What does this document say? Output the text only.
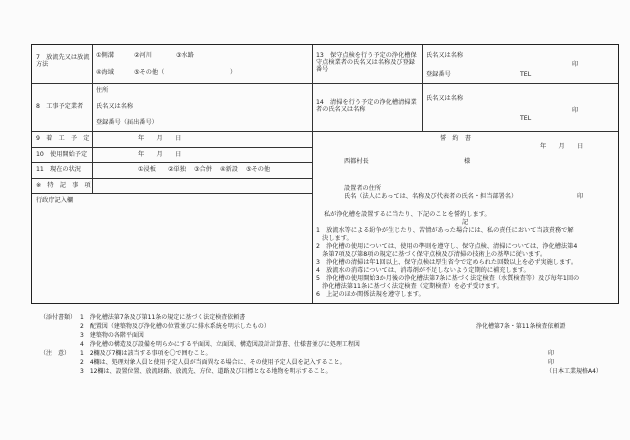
7　放流先又は放流方法
①側溝	②河川	③水路
④海域	⑤その他（	）
8　工事予定業者
住所
氏名又は名称
登録番号（届出番号）
9　着　工　予　定	年　　月　　日
10　使用開始予定	年　　月　　日
11　現在の状況	①浸板 ②単独 ③合併 ④新設 ⑤その他
※　特　記　事　項
行政庁記入欄
13　保守点検を行う予定の浄化槽保守点検業者の氏名又は名称及び登録番号
氏名又は名称
印
登録番号	TEL
14　清掃を行う予定の浄化槽清掃業者の氏名又は名称
氏名又は名称
印
TEL
誓　約　書
年　　月　　日
西都村長	様
設置者の住所
氏名（法人にあっては、名称及び代表者の氏名・担当部署名）	印
私が浄化槽を設置するに当たり、下記のことを誓約します。
記
1　放流水等による紛争が生じたり、苦情があった場合には、私の責任において当該責務で解
　決します。
2　浄化槽の使用については、使用の準則を遵守し、保守点検、清掃については、浄化槽法第4
　条第7項及び第8項の規定に基づく保守点検及び清掃の技術上の基準に従います。
3　浄化槽の清掃は年1回以上、保守点検は厚生省令で定められた回数以上を必ず実施します。
4　放流水の消毒については、消毒剤が不足しないよう定期的に補充します。
5　浄化槽の使用開始3か月後の浄化槽法第7条に基づく法定検査（水質検査等）及び毎年1回の
　浄化槽法第11条に基づく法定検査（定期検査）を必ず受けます。
6　上記のほか関係法規を遵守します。
（添付書類） 1　浄化槽法第7条及び第11条の規定に基づく法定検査依頼書
2　配置図（建築物及び浄化槽の位置並びに排水系統を明示したもの）
3　建築物の各階平面図
4　浄化槽の構造及び設備を明らかにする平面図、立面図、構造図設計計算書、仕様書並びに処理工程図
浄化槽第7条・第11条検査依頼證
（注　意） 1　2欄及び7欄は該当する事項を〇で囲むこと。
2　4欄は、処理対象人員と使用予定人員が当面異なる場合に、その使用予定人員を記入すること。
3　12欄は、設置位置、放流経路、放流先、方位、道路及び目標となる地物を明示すること。
印
印
（日本工業規格A4）
